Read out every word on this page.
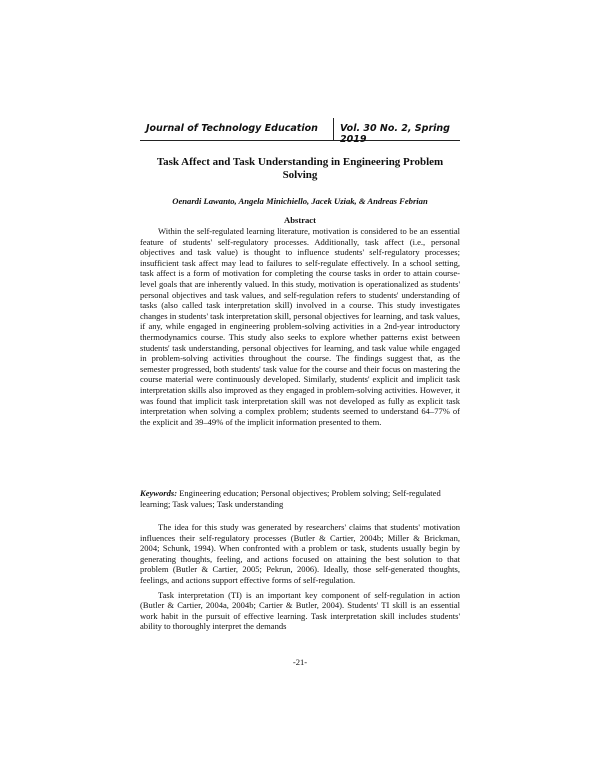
Journal of Technology Education Vol. 30 No. 2, Spring 2019
Task Affect and Task Understanding in Engineering Problem Solving
Oenardi Lawanto, Angela Minichiello, Jacek Uziak, & Andreas Febrian
Abstract

Within the self-regulated learning literature, motivation is considered to be an essential feature of students' self-regulatory processes. Additionally, task affect (i.e., personal objectives and task value) is thought to influence students' self-regulatory processes; insufficient task affect may lead to failures to self-regulate effectively. In a school setting, task affect is a form of motivation for completing the course tasks in order to attain course-level goals that are inherently valued. In this study, motivation is operationalized as students' personal objectives and task values, and self-regulation refers to students' understanding of tasks (also called task interpretation skill) involved in a course. This study investigates changes in students' task interpretation skill, personal objectives for learning, and task values, if any, while engaged in engineering problem-solving activities in a 2nd-year introductory thermodynamics course. This study also seeks to explore whether patterns exist between students' task understanding, personal objectives for learning, and task value while engaged in problem-solving activities throughout the course. The findings suggest that, as the semester progressed, both students' task value for the course and their focus on mastering the course material were continuously developed. Similarly, students' explicit and implicit task interpretation skills also improved as they engaged in problem-solving activities. However, it was found that implicit task interpretation skill was not developed as fully as explicit task interpretation when solving a complex problem; students seemed to understand 64–77% of the explicit and 39–49% of the implicit information presented to them.

Keywords: Engineering education; Personal objectives; Problem solving; Self-regulated learning; Task values; Task understanding

The idea for this study was generated by researchers' claims that students' motivation influences their self-regulatory processes (Butler & Cartier, 2004b; Miller & Brickman, 2004; Schunk, 1994). When confronted with a problem or task, students usually begin by generating thoughts, feeling, and actions focused on attaining the best solution to that problem (Butler & Cartier, 2005; Pekrun, 2006). Ideally, those self-generated thoughts, feelings, and actions support effective forms of self-regulation.

Task interpretation (TI) is an important key component of self-regulation in action (Butler & Cartier, 2004a, 2004b; Cartier & Butler, 2004). Students' TI skill is an essential work habit in the pursuit of effective learning. Task interpretation skill includes students' ability to thoroughly interpret the demands

-21-
